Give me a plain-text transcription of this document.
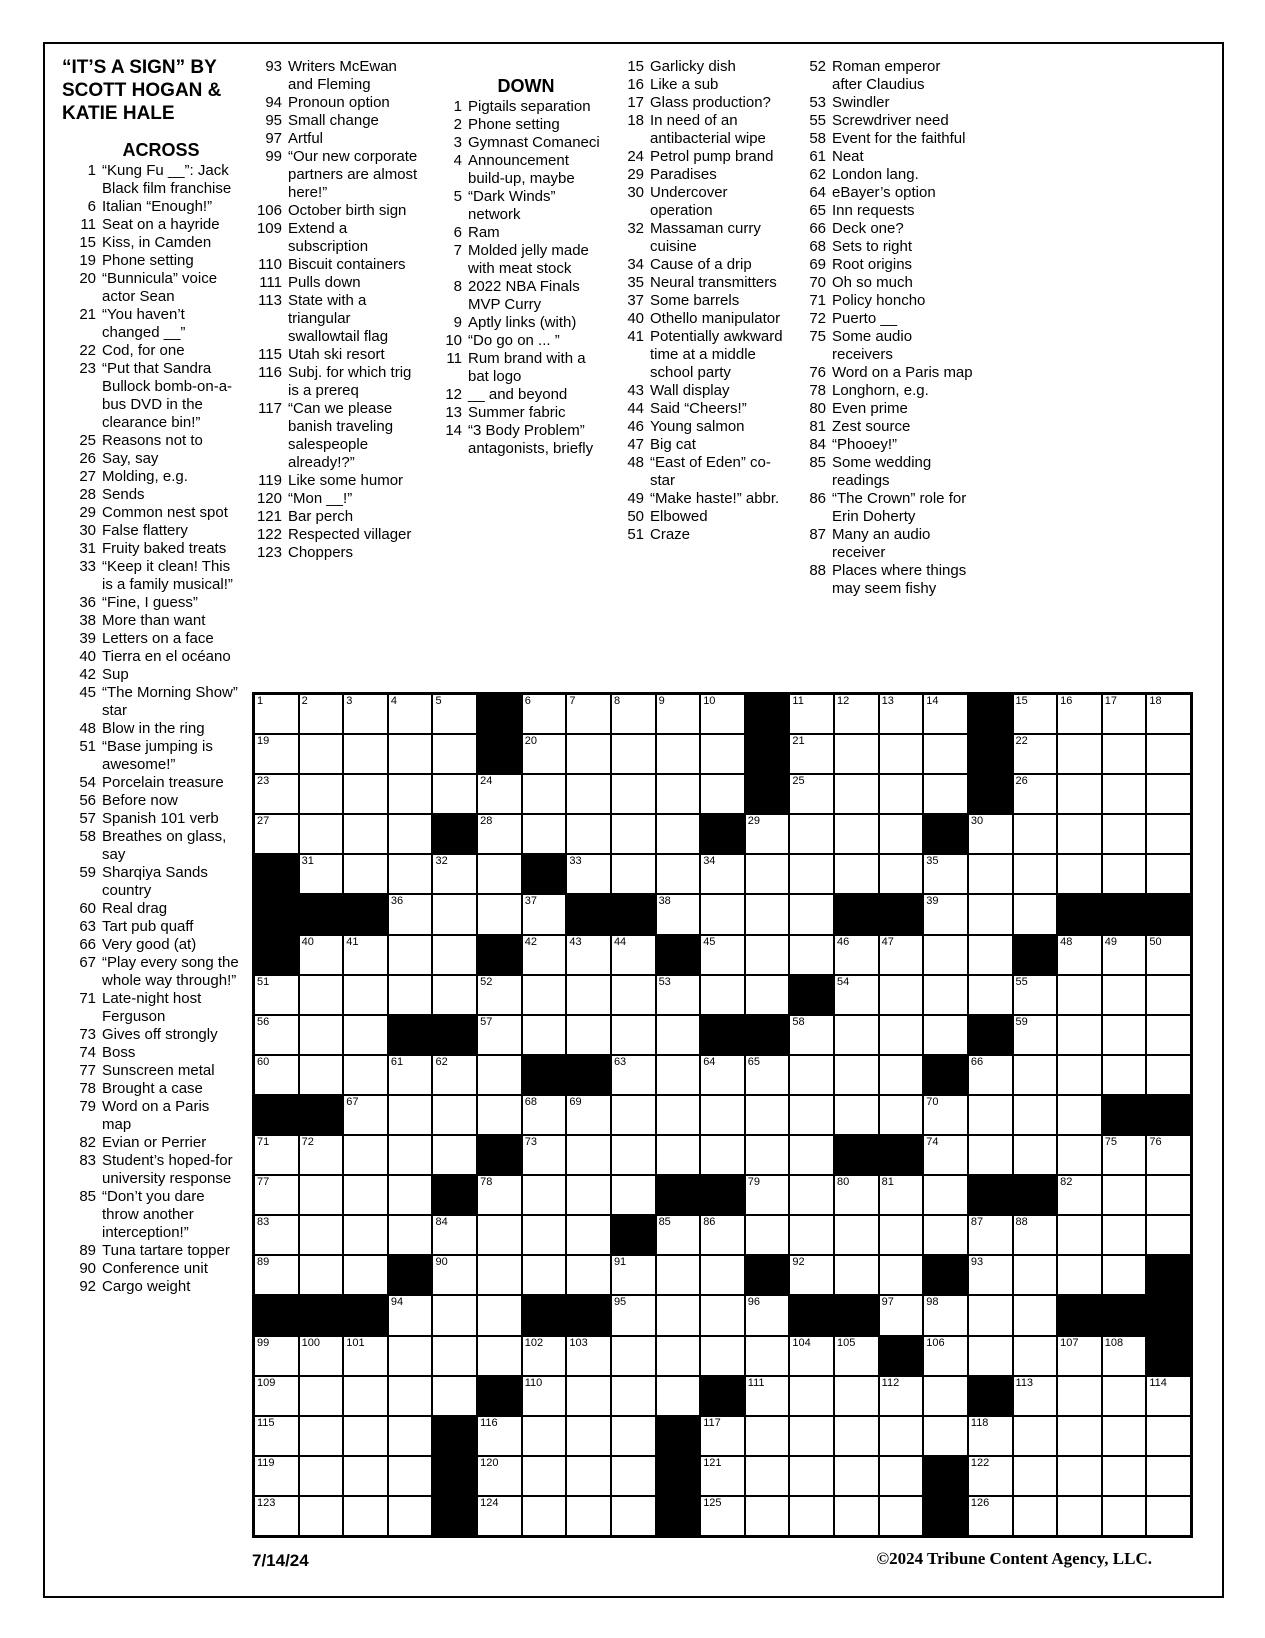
“IT’S A SIGN” BY
SCOTT HOGAN &
KATIE HALE
ACROSS
1 “Kung Fu __”: Jack Black film franchise
6 Italian “Enough!”
11 Seat on a hayride
15 Kiss, in Camden
19 Phone setting
20 “Bunnicula” voice actor Sean
21 “You haven’t changed __”
22 Cod, for one
23 “Put that Sandra Bullock bomb-on-a-bus DVD in the clearance bin!”
25 Reasons not to
26 Say, say
27 Molding, e.g.
28 Sends
29 Common nest spot
30 False flattery
31 Fruity baked treats
33 “Keep it clean! This is a family musical!”
36 “Fine, I guess”
38 More than want
39 Letters on a face
40 Tierra en el océano
42 Sup
45 “The Morning Show” star
48 Blow in the ring
51 “Base jumping is awesome!”
54 Porcelain treasure
56 Before now
57 Spanish 101 verb
58 Breathes on glass, say
59 Sharqiya Sands country
60 Real drag
63 Tart pub quaff
66 Very good (at)
67 “Play every song the whole way through!”
71 Late-night host Ferguson
73 Gives off strongly
74 Boss
77 Sunscreen metal
78 Brought a case
79 Word on a Paris map
82 Evian or Perrier
83 Student’s hoped-for university response
85 “Don’t you dare throw another interception!”
89 Tuna tartare topper
90 Conference unit
92 Cargo weight
93 Writers McEwan and Fleming
94 Pronoun option
95 Small change
97 Artful
99 “Our new corporate partners are almost here!”
106 October birth sign
109 Extend a subscription
110 Biscuit containers
111 Pulls down
113 State with a triangular swallowtail flag
115 Utah ski resort
116 Subj. for which trig is a prereq
117 “Can we please banish traveling salespeople already!?”
119 Like some humor
120 “Mon __!”
121 Bar perch
122 Respected villager
123 Choppers
DOWN
1 Pigtails separation
2 Phone setting
3 Gymnast Comaneci
4 Announcement build-up, maybe
5 “Dark Winds” network
6 Ram
7 Molded jelly made with meat stock
8 2022 NBA Finals MVP Curry
9 Aptly links (with)
10 “Do go on ... ”
11 Rum brand with a bat logo
12 __ and beyond
13 Summer fabric
14 “3 Body Problem” antagonists, briefly
15 Garlicky dish
16 Like a sub
17 Glass production?
18 In need of an antibacterial wipe
24 Petrol pump brand
29 Paradises
30 Undercover operation
32 Massaman curry cuisine
34 Cause of a drip
35 Neural transmitters
37 Some barrels
40 Othello manipulator
41 Potentially awkward time at a middle school party
43 Wall display
44 Said “Cheers!”
46 Young salmon
47 Big cat
48 “East of Eden” co-star
49 “Make haste!” abbr.
50 Elbowed
51 Craze
52 Roman emperor after Claudius
53 Swindler
55 Screwdriver need
58 Event for the faithful
61 Neat
62 London lang.
64 eBayer’s option
65 Inn requests
66 Deck one?
68 Sets to right
69 Root origins
70 Oh so much
71 Policy honcho
72 Puerto __
75 Some audio receivers
76 Word on a Paris map
78 Longhorn, e.g.
80 Even prime
81 Zest source
84 “Phooey!”
85 Some wedding readings
86 “The Crown” role for Erin Doherty
87 Many an audio receiver
88 Places where things may seem fishy
1	2	3	4	5	6	7	8	9	10	11	12	13	14	15	16	17	18
19	20	21	22
23	24	25	26
27	28	29	30
31	32	33	34	35
36	37	38	39
40	41	42	43	44	45	46	47	48	49	50
51	52	53	54	55
56	57	58	59
60	61	62	63	64	65	66
67	68	69	70
71	72	73	74	75	76
77	78	79	80	81	82
83	84	85	86	87	88
89	90	91	92	93
94	95	96	97	98
99	100 101	102 103	104 105	106	107 108
109	110	111	112	113	114
115	116	117	118
119	120	121	122
123	124	125	126
7/14/24	©2024 Tribune Content Agency, LLC.
